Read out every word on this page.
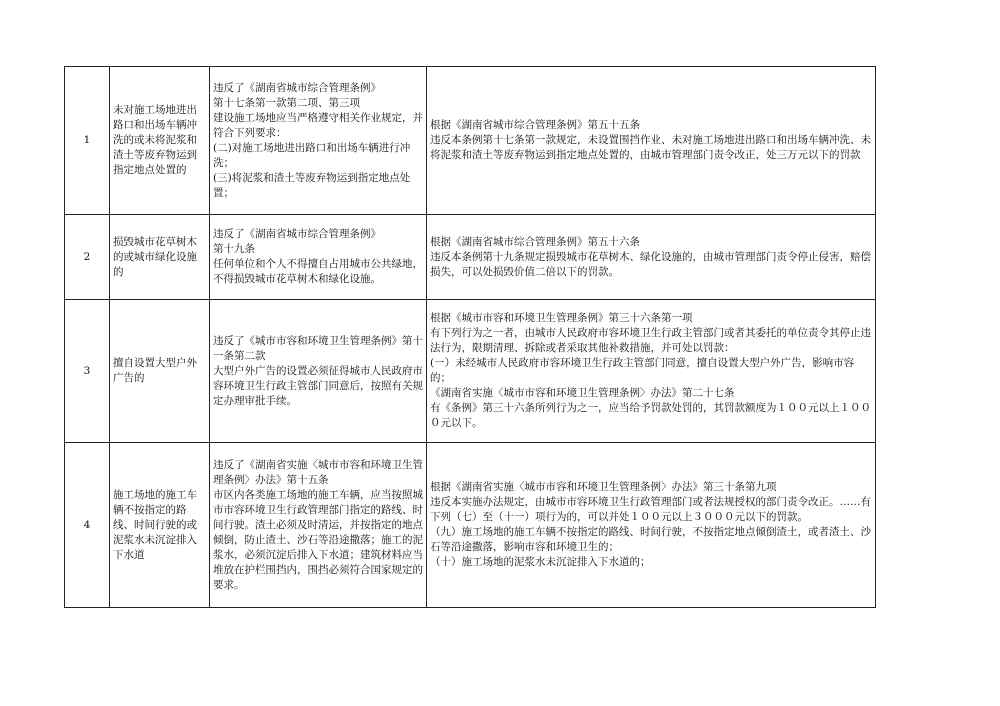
1	未对施工场地进出路口和出场车辆冲洗的或未将泥浆和渣土等废弃物运到指定地点处置的	违反了《湖南省城市综合管理条例》
第十七条第一款第二项、第三项
建设施工场地应当严格遵守相关作业规定，并符合下列要求：
(二)对施工场地进出路口和出场车辆进行冲洗；
(三)将泥浆和渣土等废弃物运到指定地点处置；	根据《湖南省城市综合管理条例》第五十五条
违反本条例第十七条第一款规定，未设置围挡作业、未对施工场地进出路口和出场车辆冲洗、未将泥浆和渣土等废弃物运到指定地点处置的，由城市管理部门责令改正，处三万元以下的罚款

2	损毁城市花草树木的或城市绿化设施的	违反了《湖南省城市综合管理条例》
第十九条
任何单位和个人不得擅自占用城市公共绿地，不得损毁城市花草树木和绿化设施。	根据《湖南省城市综合管理条例》第五十六条
违反本条例第十九条规定损毁城市花草树木、绿化设施的，由城市管理部门责令停止侵害，赔偿损失，可以处损毁价值二倍以下的罚款。

3	擅自设置大型户外广告的	违反了《城市市容和环境卫生管理条例》第十一条第二款
大型户外广告的设置必须征得城市人民政府市容环境卫生行政主管部门同意后，按照有关规定办理审批手续。	根据《城市市容和环境卫生管理条例》第三十六条第一项
有下列行为之一者，由城市人民政府市容环境卫生行政主管部门或者其委托的单位责令其停止违法行为，限期清理、拆除或者采取其他补救措施，并可处以罚款：
(一）未经城市人民政府市容环境卫生行政主管部门同意，擅自设置大型户外广告，影响市容的；
《湖南省实施〈城市市容和环境卫生管理条例〉办法》第二十七条
有《条例》第三十六条所列行为之一，应当给予罚款处罚的，其罚款额度为１００元以上１０００元以下。

4	施工场地的施工车辆不按指定的路线、时间行驶的或泥浆水未沉淀排入下水道	违反了《湖南省实施〈城市市容和环境卫生管理条例〉办法》第十五条
市区内各类施工场地的施工车辆，应当按照城市市容环境卫生行政管理部门指定的路线、时间行驶。渣土必须及时清运，并按指定的地点倾倒，防止渣土、沙石等沿途撒落；施工的泥浆水，必须沉淀后排入下水道；建筑材料应当堆放在护栏围挡内，围挡必须符合国家规定的要求。	根据《湖南省实施〈城市市容和环境卫生管理条例〉办法》第三十条第九项
违反本实施办法规定，由城市市容环境卫生行政管理部门或者法规授权的部门责令改正。……有下列（七）至（十一）项行为的，可以并处１００元以上３０００元以下的罚款。
（九）施工场地的施工车辆不按指定的路线、时间行驶，不按指定地点倾倒渣土，或者渣土、沙石等沿途撒落，影响市容和环境卫生的；
（十）施工场地的泥浆水未沉淀排入下水道的；
